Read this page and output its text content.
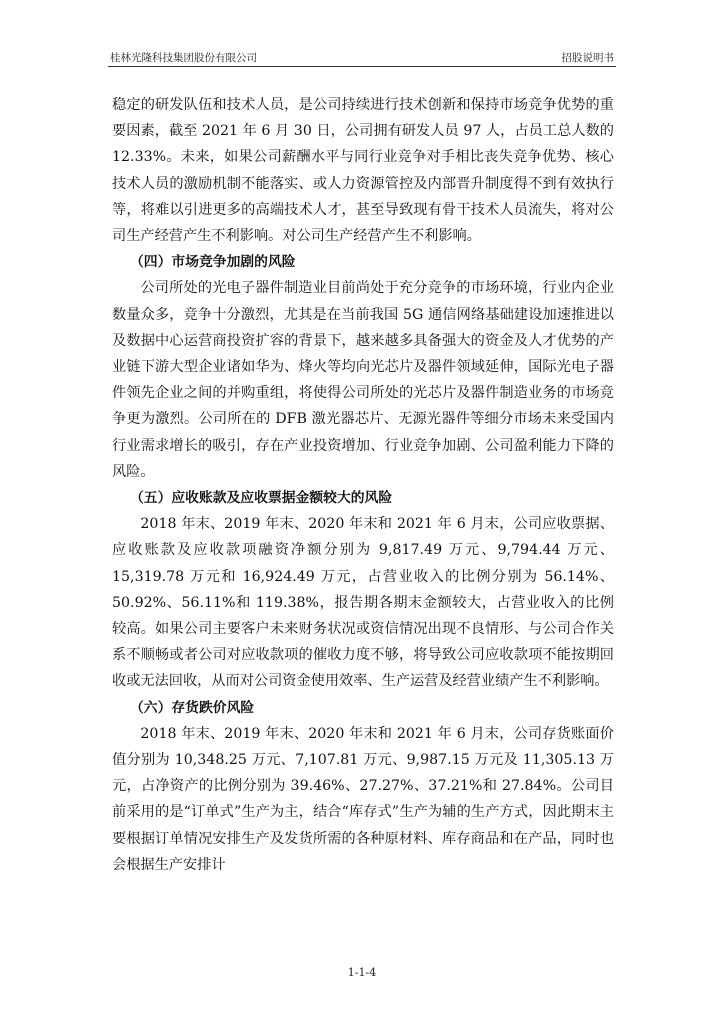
桂林光隆科技集团股份有限公司	招股说明书

稳定的研发队伍和技术人员，是公司持续进行技术创新和保持市场竞争优势的重要因素，截至 2021 年 6 月 30 日，公司拥有研发人员 97 人，占员工总人数的 12.33%。未来，如果公司薪酬水平与同行业竞争对手相比丧失竞争优势、核心技术人员的激励机制不能落实、或人力资源管控及内部晋升制度得不到有效执行等，将难以引进更多的高端技术人才，甚至导致现有骨干技术人员流失，将对公司生产经营产生不利影响。对公司生产经营产生不利影响。

（四）市场竞争加剧的风险

公司所处的光电子器件制造业目前尚处于充分竞争的市场环境，行业内企业数量众多，竞争十分激烈，尤其是在当前我国 5G 通信网络基础建设加速推进以及数据中心运营商投资扩容的背景下，越来越多具备强大的资金及人才优势的产业链下游大型企业诸如华为、烽火等均向光芯片及器件领域延伸，国际光电子器件领先企业之间的并购重组，将使得公司所处的光芯片及器件制造业务的市场竞争更为激烈。公司所在的 DFB 激光器芯片、无源光器件等细分市场未来受国内行业需求增长的吸引，存在产业投资增加、行业竞争加剧、公司盈利能力下降的风险。

（五）应收账款及应收票据金额较大的风险

2018 年末、2019 年末、2020 年末和 2021 年 6 月末，公司应收票据、应收账款及应收款项融资净额分别为 9,817.49 万元、9,794.44 万元、15,319.78 万元和 16,924.49 万元，占营业收入的比例分别为 56.14%、50.92%、56.11%和 119.38%，报告期各期末金额较大，占营业收入的比例较高。如果公司主要客户未来财务状况或资信情况出现不良情形、与公司合作关系不顺畅或者公司对应收款项的催收力度不够，将导致公司应收款项不能按期回收或无法回收，从而对公司资金使用效率、生产运营及经营业绩产生不利影响。

（六）存货跌价风险

2018 年末、2019 年末、2020 年末和 2021 年 6 月末，公司存货账面价值分别为 10,348.25 万元、7,107.81 万元、9,987.15 万元及 11,305.13 万元，占净资产的比例分别为 39.46%、27.27%、37.21%和 27.84%。公司目前采用的是“订单式”生产为主，结合“库存式”生产为辅的生产方式，因此期末主要根据订单情况安排生产及发货所需的各种原材料、库存商品和在产品，同时也会根据生产安排计

1-1-4
